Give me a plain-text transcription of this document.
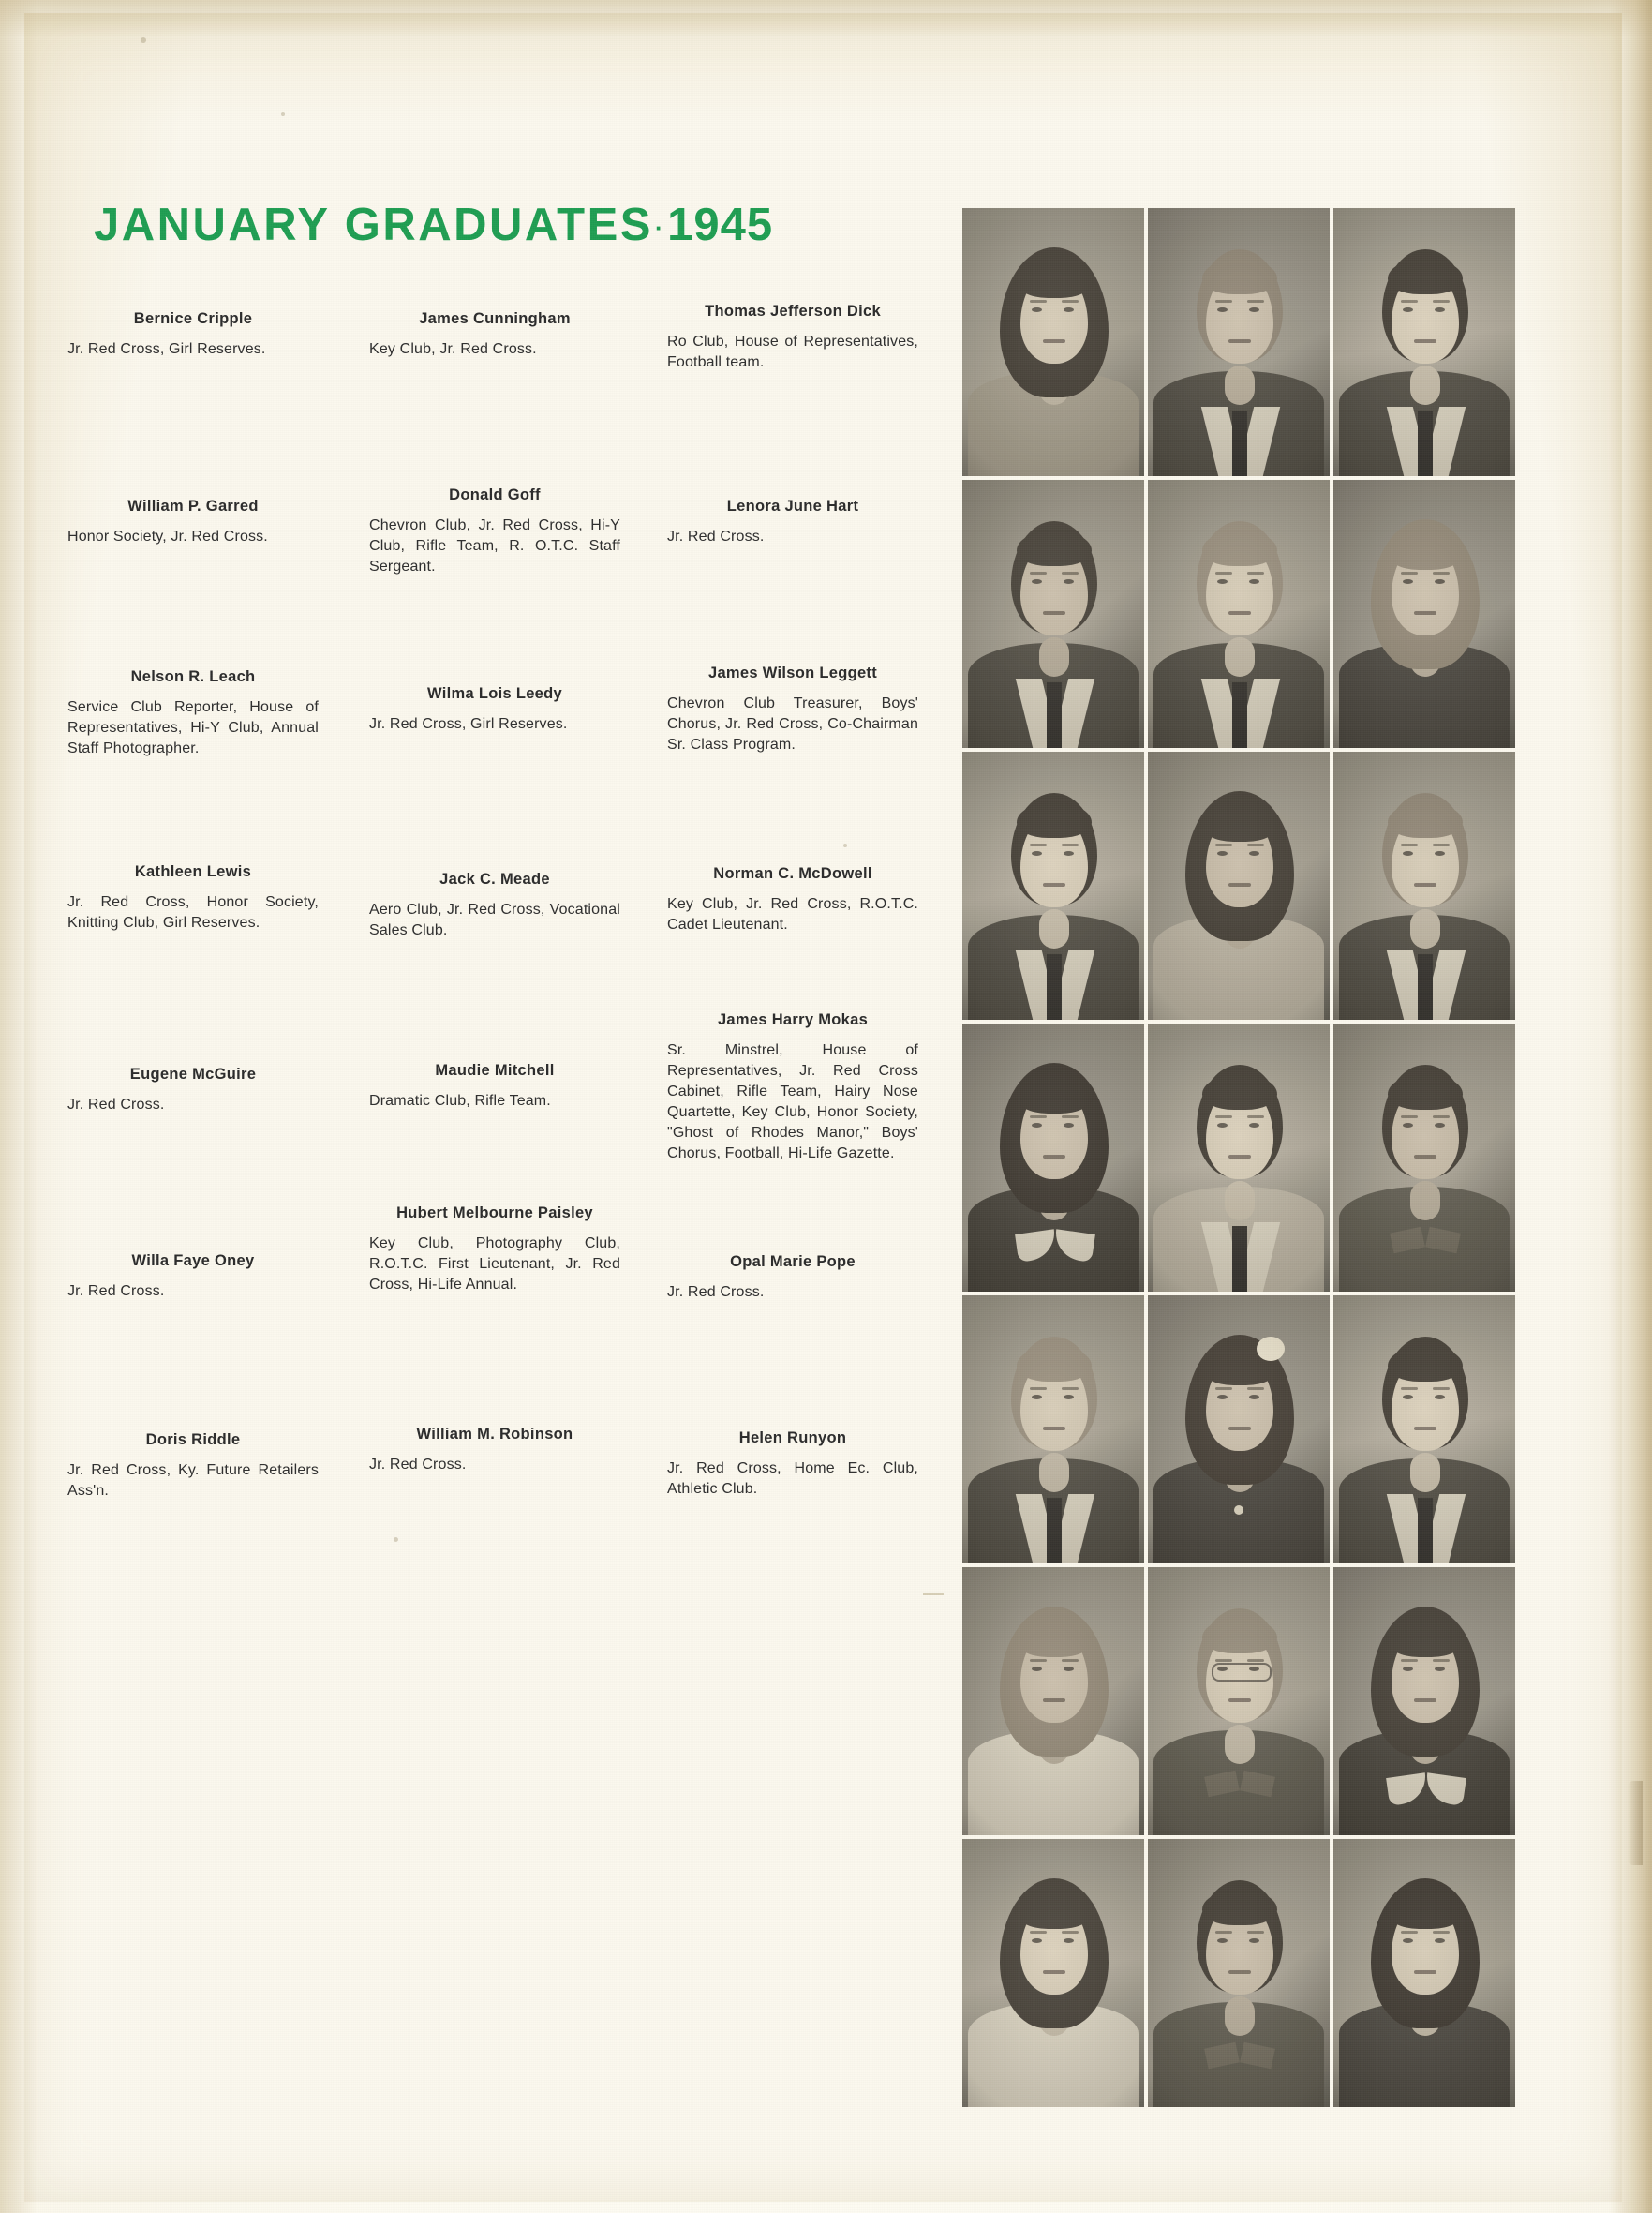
JANUARY GRADUATES·1945
Bernice Cripple
Jr. Red Cross, Girl Reserves.
James Cunningham
Key Club, Jr. Red Cross.
Thomas Jefferson Dick
Ro Club, House of Representatives, Football team.
William P. Garred
Honor Society, Jr. Red Cross.
Donald Goff
Chevron Club, Jr. Red Cross, Hi-Y Club, Rifle Team, R. O.T.C. Staff Sergeant.
Lenora June Hart
Jr. Red Cross.
Nelson R. Leach
Service Club Reporter, House of Representatives, Hi-Y Club, Annual Staff Photographer.
Wilma Lois Leedy
Jr. Red Cross, Girl Reserves.
James Wilson Leggett
Chevron Club Treasurer, Boys' Chorus, Jr. Red Cross, Co-Chairman Sr. Class Program.
Kathleen Lewis
Jr. Red Cross, Honor Society, Knitting Club, Girl Reserves.
Jack C. Meade
Aero Club, Jr. Red Cross, Vocational Sales Club.
Norman C. McDowell
Key Club, Jr. Red Cross, R.O.T.C. Cadet Lieutenant.
Eugene McGuire
Jr. Red Cross.
Maudie Mitchell
Dramatic Club, Rifle Team.
James Harry Mokas
Sr. Minstrel, House of Representatives, Jr. Red Cross Cabinet, Rifle Team, Hairy Nose Quartette, Key Club, Honor Society, "Ghost of Rhodes Manor," Boys' Chorus, Football, Hi-Life Gazette.
Willa Faye Oney
Jr. Red Cross.
Hubert Melbourne Paisley
Key Club, Photography Club, R.O.T.C. First Lieutenant, Jr. Red Cross, Hi-Life Annual.
Opal Marie Pope
Jr. Red Cross.
Doris Riddle
Jr. Red Cross, Ky. Future Retailers Ass'n.
William M. Robinson
Jr. Red Cross.
Helen Runyon
Jr. Red Cross, Home Ec. Club, Athletic Club.
